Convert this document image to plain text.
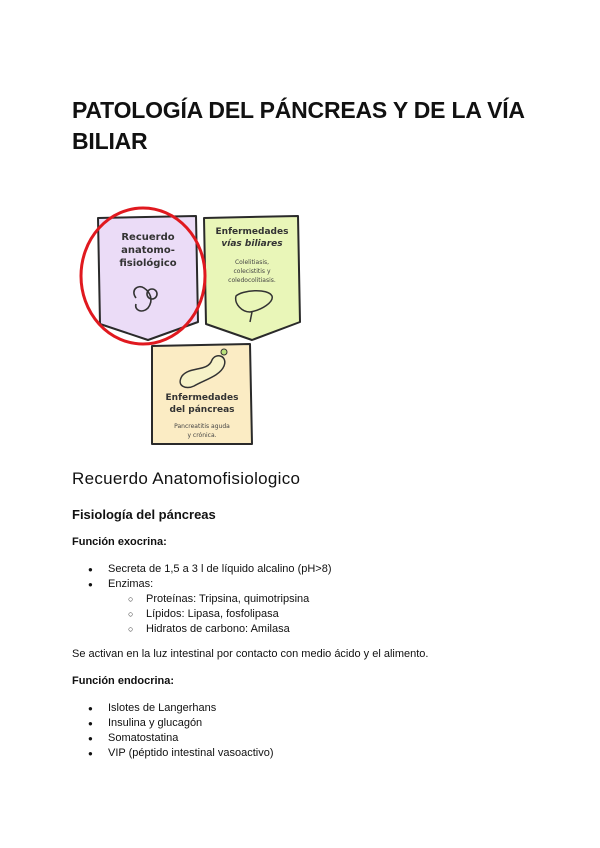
PATOLOGÍA DEL PÁNCREAS Y DE LA VÍA BILIAR
Recuerdo
anatomo-
fisiológico
Enfermedades
vías biliares
Colelitiasis,
colecistitis y
coledocolitiasis.
Enfermedades
del páncreas
Pancreatitis aguda
y crónica.
Recuerdo Anatomofisiologico
Fisiología del páncreas
Función exocrina:
● Secreta de 1,5 a 3 l de líquido alcalino (pH>8)
● Enzimas:
○ Proteínas: Tripsina, quimotripsina
○ Lípidos: Lipasa, fosfolipasa
○ Hidratos de carbono: Amilasa
Se activan en la luz intestinal por contacto con medio ácido y el alimento.
Función endocrina:
● Islotes de Langerhans
● Insulina y glucagón
● Somatostatina
● VIP (péptido intestinal vasoactivo)
